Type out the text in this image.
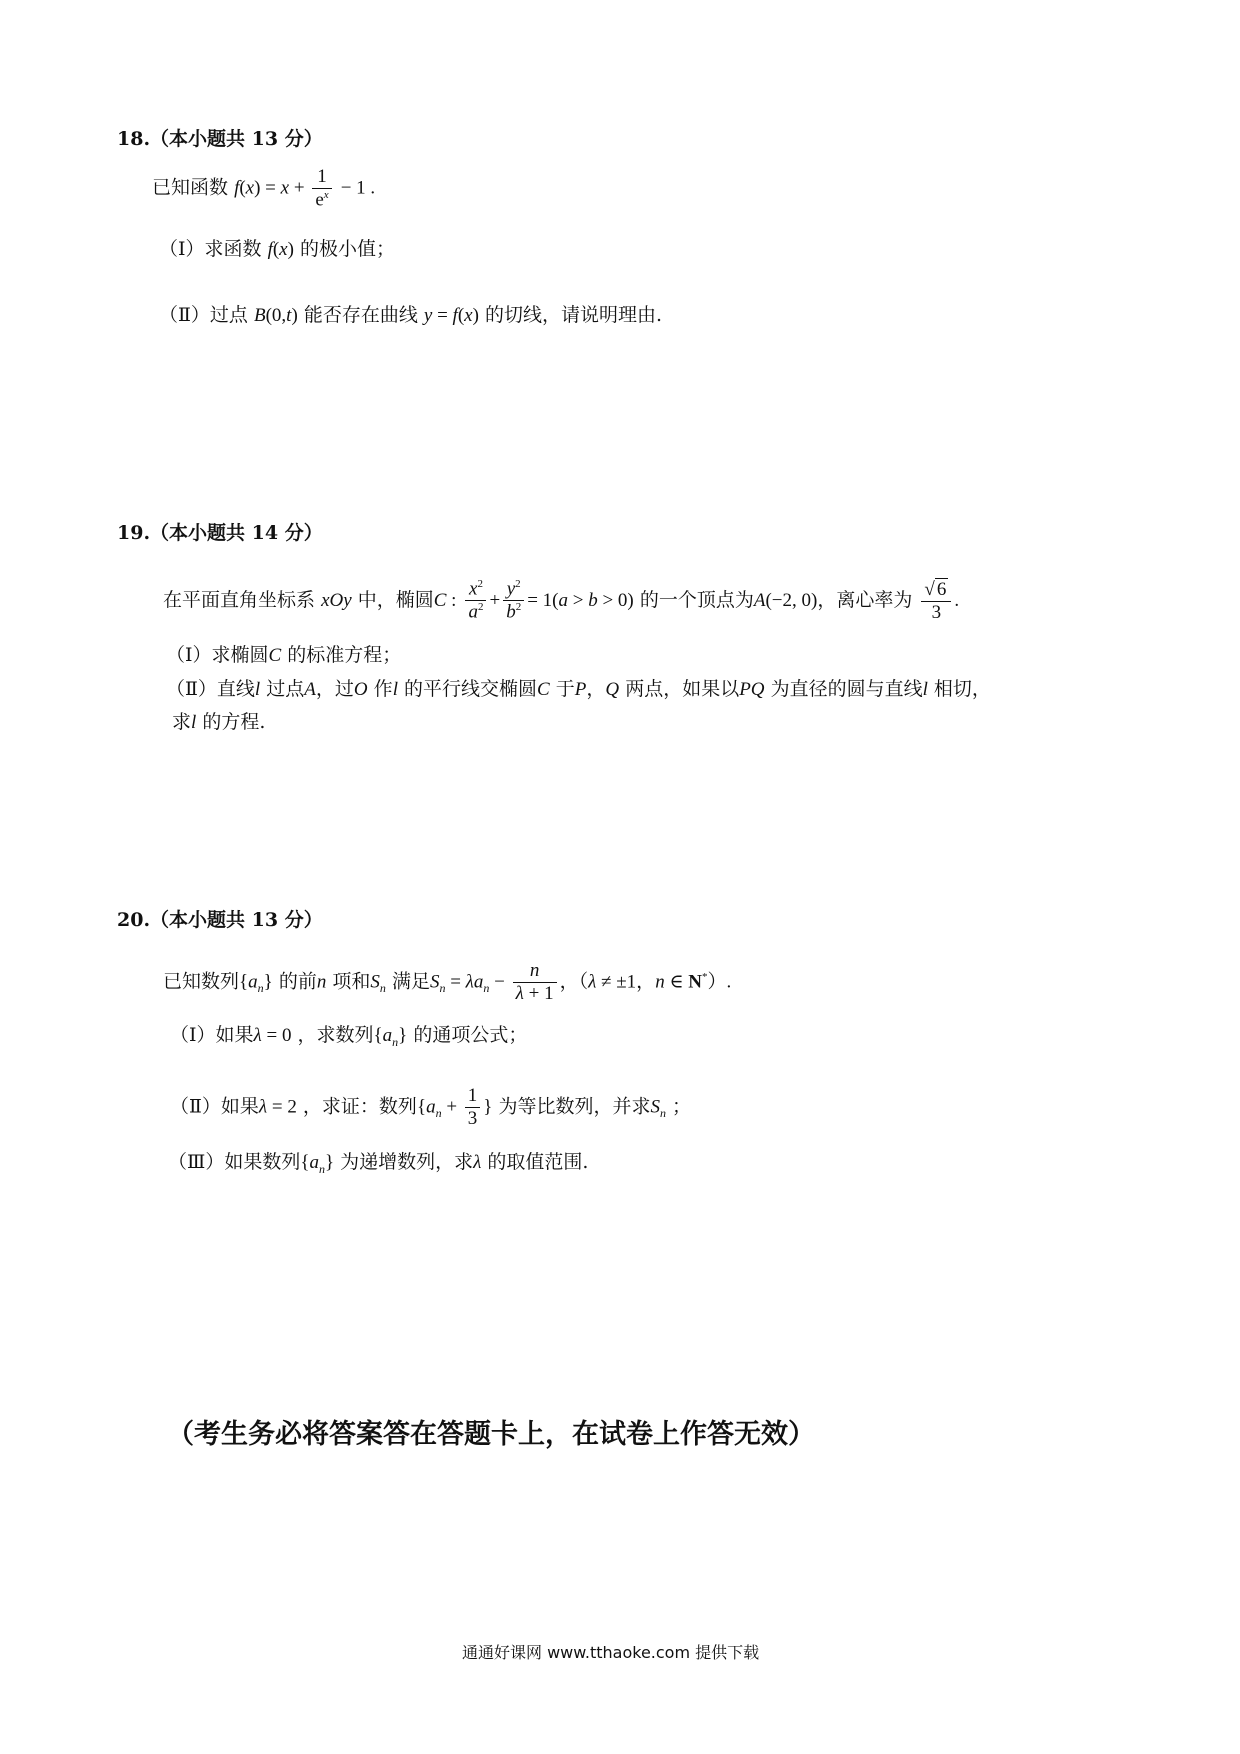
18.（本小题共 13 分）
已知函数 $f(x) = x + \frac{1}{e^x} - 1$ .
（Ⅰ）求函数 f(x) 的极小值；
（Ⅱ）过点 B(0,t) 能否存在曲线 y = f(x) 的切线，请说明理由.
19.（本小题共 14 分）
在平面直角坐标系 xOy 中，椭圆C : $\frac{x^2}{a^2} + \frac{y^2}{b^2} = 1(a > b > 0)$ 的一个顶点为A(−2, 0)，离心率为 $\frac{√ 6}{3}$ .
（Ⅰ）求椭圆C 的标准方程；
（Ⅱ）直线l 过点A，过O 作l 的平行线交椭圆C 于P，Q 两点，如果以PQ 为直径的圆与直线l 相切，
求l 的方程.
20.（本小题共 13 分）
已知数列$\{a_n\}$ 的前n 项和$S_n$ 满足$S_n = \lambda a_n - \frac{n}{\lambda + 1}$ ，（λ ≠ ±1，n ∈ N*）.
（Ⅰ）如果λ = 0 ，求数列$\{a_n\}$ 的通项公式；
（Ⅱ）如果λ = 2 ，求证：数列{$a_n + \frac{1}{3}$ } 为等比数列，并求$S_n$ ；
（Ⅲ）如果数列$\{a_n\}$ 为递增数列，求λ 的取值范围.
（考生务必将答案答在答题卡上，在试卷上作答无效）
通通好课网 www.tthaoke.com 提供下载
